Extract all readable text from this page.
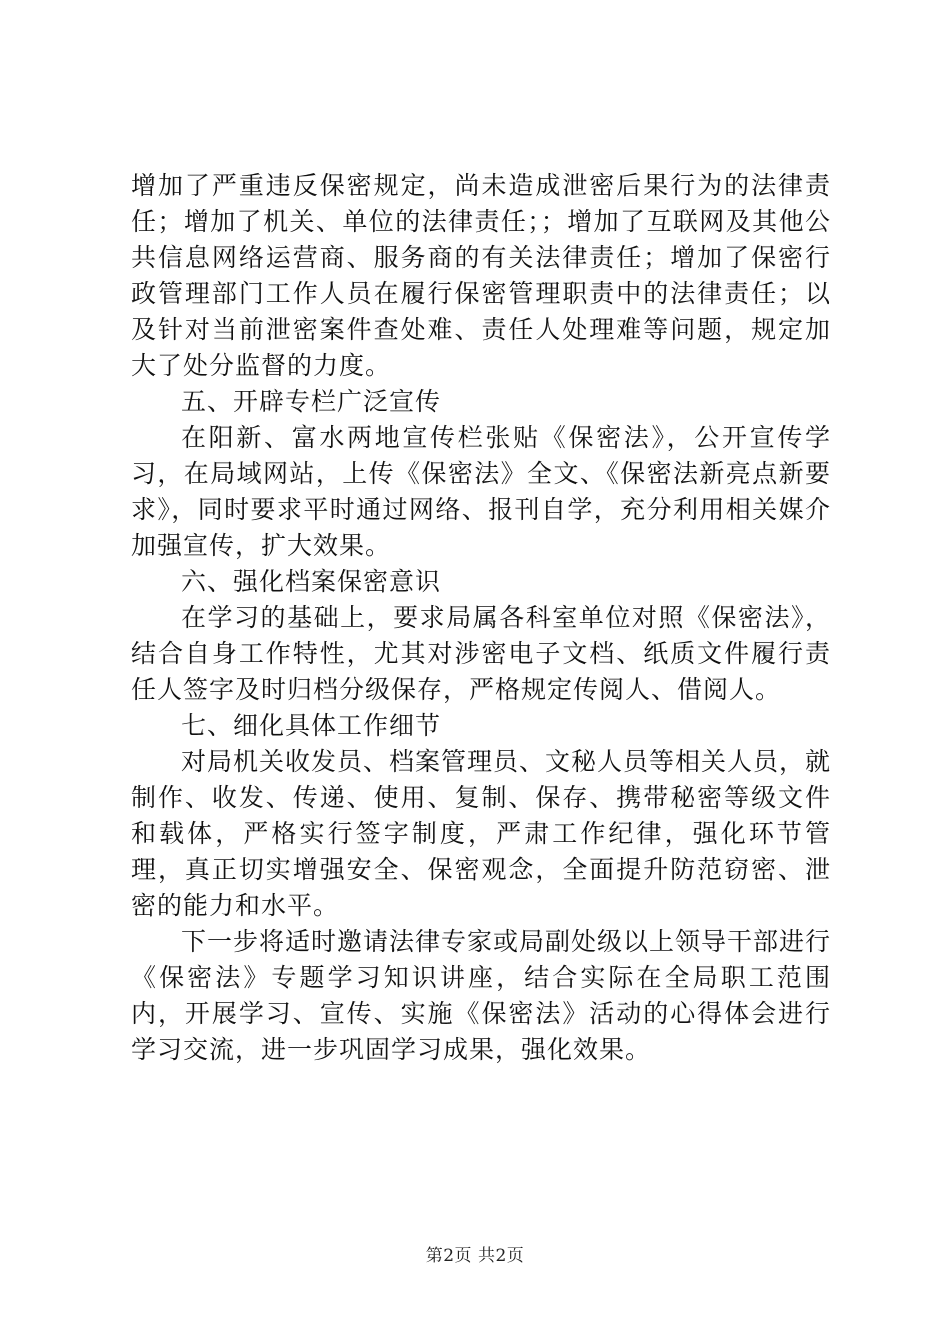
增加了严重违反保密规定，尚未造成泄密后果行为的法律责任；增加了机关、单位的法律责任；；增加了互联网及其他公共信息网络运营商、服务商的有关法律责任；增加了保密行政管理部门工作人员在履行保密管理职责中的法律责任；以及针对当前泄密案件查处难、责任人处理难等问题，规定加大了处分监督的力度。

五、开辟专栏广泛宣传

在阳新、富水两地宣传栏张贴《保密法》，公开宣传学习，在局域网站，上传《保密法》全文、《保密法新亮点新要求》，同时要求平时通过网络、报刊自学，充分利用相关媒介加强宣传，扩大效果。

六、强化档案保密意识

在学习的基础上，要求局属各科室单位对照《保密法》，结合自身工作特性，尤其对涉密电子文档、纸质文件履行责任人签字及时归档分级保存，严格规定传阅人、借阅人。

七、细化具体工作细节

对局机关收发员、档案管理员、文秘人员等相关人员，就制作、收发、传递、使用、复制、保存、携带秘密等级文件和载体，严格实行签字制度，严肃工作纪律，强化环节管理，真正切实增强安全、保密观念，全面提升防范窃密、泄密的能力和水平。

下一步将适时邀请法律专家或局副处级以上领导干部进行《保密法》专题学习知识讲座，结合实际在全局职工范围内，开展学习、宣传、实施《保密法》活动的心得体会进行学习交流，进一步巩固学习成果，强化效果。

第2页 共2页
